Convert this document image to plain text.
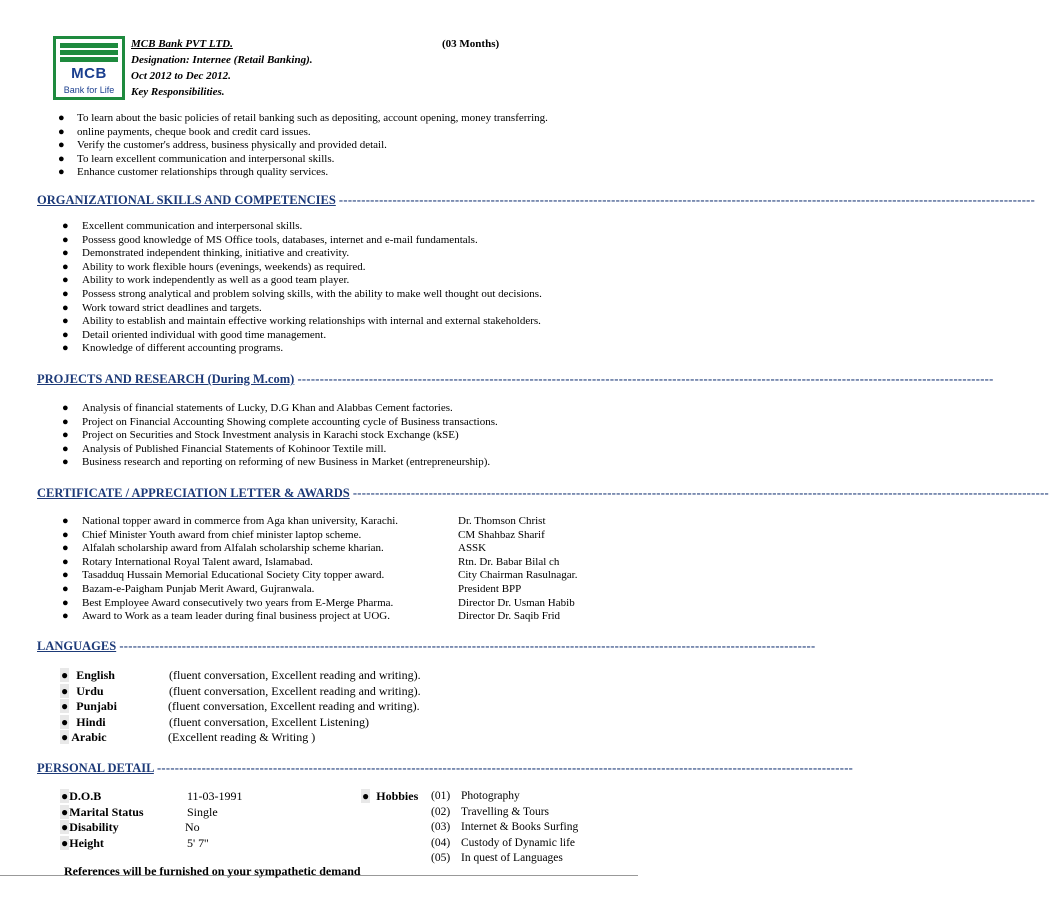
MCB
Bank for Life
MCB Bank PVT LTD.	(03 Months)
Designation: Internee (Retail Banking).
Oct 2012 to Dec 2012.
Key Responsibilities.
● To learn about the basic policies of retail banking such as depositing, account opening, money transferring.
● online payments, cheque book and credit card issues.
● Verify the customer's address, business physically and provided detail.
● To learn excellent communication and interpersonal skills.
● Enhance customer relationships through quality services.
ORGANIZATIONAL SKILLS AND COMPETENCIES ------------------------------------------------------------------------------------------------------------------------------------------------------------
● Excellent communication and interpersonal skills.
● Possess good knowledge of MS Office tools, databases, internet and e-mail fundamentals.
● Demonstrated independent thinking, initiative and creativity.
● Ability to work flexible hours (evenings, weekends) as required.
● Ability to work independently as well as a good team player.
● Possess strong analytical and problem solving skills, with the ability to make well thought out decisions.
● Work toward strict deadlines and targets.
● Ability to establish and maintain effective working relationships with internal and external stakeholders.
● Detail oriented individual with good time management.
● Knowledge of different accounting programs.
PROJECTS AND RESEARCH (During M.com) ------------------------------------------------------------------------------------------------------------------------------------------------------------
● Analysis of financial statements of Lucky, D.G Khan and Alabbas Cement factories.
● Project on Financial Accounting Showing complete accounting cycle of Business transactions.
● Project on Securities and Stock Investment analysis in Karachi stock Exchange (kSE)
● Analysis of Published Financial Statements of Kohinoor Textile mill.
● Business research and reporting on reforming of new Business in Market (entrepreneurship).
CERTIFICATE / APPRECIATION LETTER & AWARDS ------------------------------------------------------------------------------------------------------------------------------------------------------------
● National topper award in commerce from Aga khan university, Karachi.	Dr. Thomson Christ
● Chief Minister Youth award from chief minister laptop scheme.	CM Shahbaz Sharif
● Alfalah scholarship award from Alfalah scholarship scheme kharian.	ASSK
● Rotary International Royal Talent award, Islamabad.	Rtn. Dr. Babar Bilal ch
● Tasadduq Hussain Memorial Educational Society City topper award.	City Chairman Rasulnagar.
● Bazam-e-Paigham Punjab Merit Award, Gujranwala.	President BPP
● Best Employee Award consecutively two years from E-Merge Pharma.	Director Dr. Usman Habib
● Award to Work as a team leader during final business project at UOG.	Director Dr. Saqib Frid
LANGUAGES ------------------------------------------------------------------------------------------------------------------------------------------------------------
● English	(fluent conversation, Excellent reading and writing).
● Urdu	(fluent conversation, Excellent reading and writing).
● Punjabi	(fluent conversation, Excellent reading and writing).
● Hindi	(fluent conversation, Excellent Listening)
● Arabic	(Excellent reading & Writing )
PERSONAL DETAIL ------------------------------------------------------------------------------------------------------------------------------------------------------------
●D.O.B	11-03-1991
●Marital Status	Single
●Disability	No
●Height	5' 7''
● Hobbies (01) Photography
(02) Travelling & Tours
(03) Internet & Books Surfing
(04) Custody of Dynamic life
(05) In quest of Languages
References will be furnished on your sympathetic demand
